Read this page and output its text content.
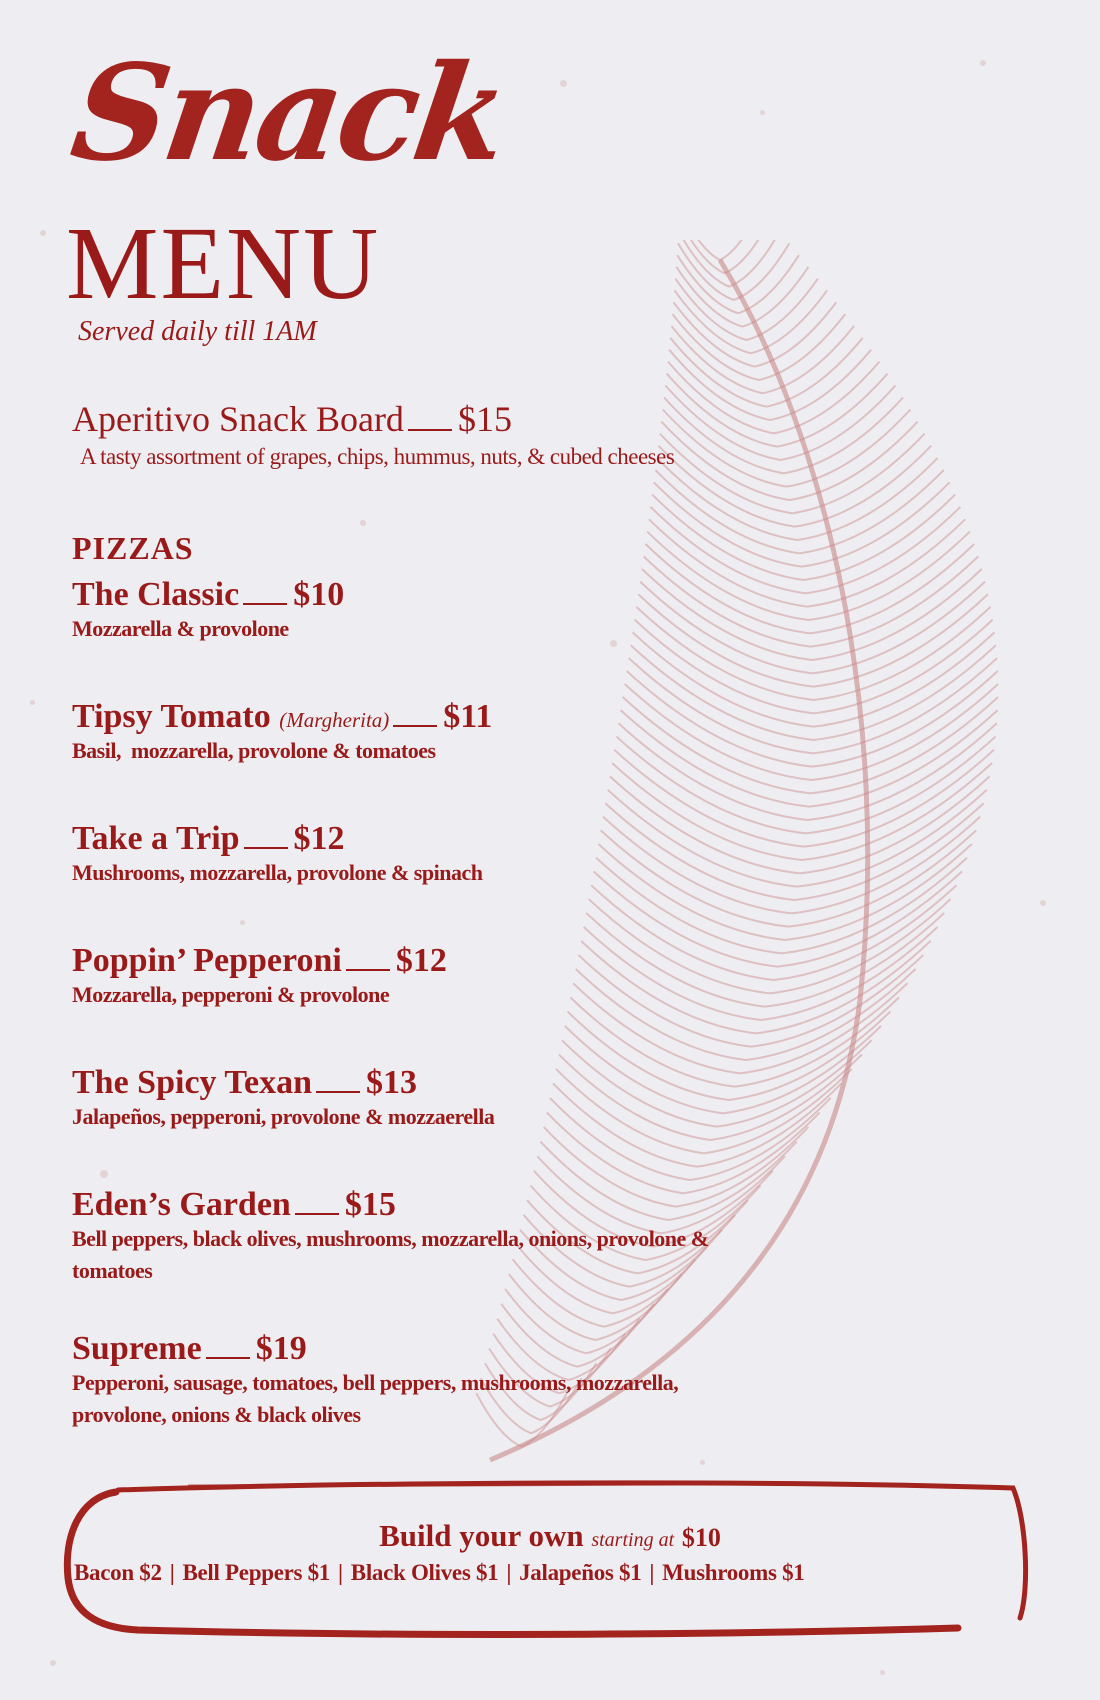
Snack
MENU
Served daily till 1AM
Aperitivo Snack Board $15
A tasty assortment of grapes, chips, hummus, nuts, & cubed cheeses
PIZZAS
The Classic $10
Mozzarella & provolone
Tipsy Tomato (Margherita) $11
Basil,  mozzarella, provolone & tomatoes
Take a Trip $12
Mushrooms, mozzarella, provolone & spinach
Poppin’ Pepperoni $12
Mozzarella, pepperoni & provolone
The Spicy Texan $13
Jalapeños, pepperoni, provolone & mozzaerella
Eden’s Garden $15
Bell peppers, black olives, mushrooms, mozzarella, onions, provolone &
tomatoes
Supreme $19
Pepperoni, sausage, tomatoes, bell peppers, mushrooms, mozzarella,
provolone, onions & black olives
Build your own starting at $10
Bacon $2 | Bell Peppers $1 | Black Olives $1 | Jalapeños $1 | Mushrooms $1
